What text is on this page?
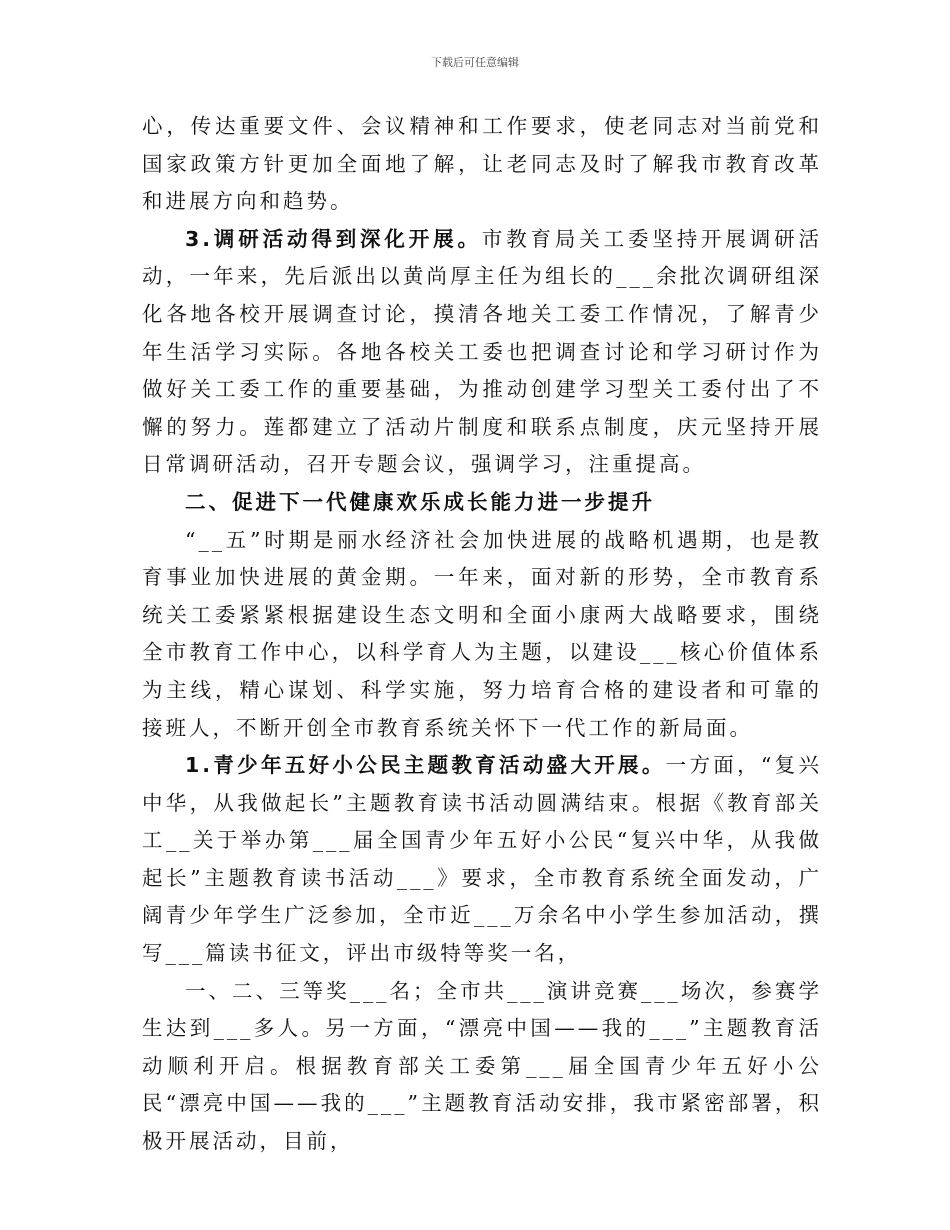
下载后可任意编辑

心，传达重要文件、会议精神和工作要求，使老同志对当前党和国家政策方针更加全面地了解，让老同志及时了解我市教育改革和进展方向和趋势。

3.调研活动得到深化开展。市教育局关工委坚持开展调研活动，一年来，先后派出以黄尚厚主任为组长的___余批次调研组深化各地各校开展调查讨论，摸清各地关工委工作情况，了解青少年生活学习实际。各地各校关工委也把调查讨论和学习研讨作为做好关工委工作的重要基础，为推动创建学习型关工委付出了不懈的努力。莲都建立了活动片制度和联系点制度，庆元坚持开展日常调研活动，召开专题会议，强调学习，注重提高。

二、促进下一代健康欢乐成长能力进一步提升

“__五”时期是丽水经济社会加快进展的战略机遇期，也是教育事业加快进展的黄金期。一年来，面对新的形势，全市教育系统关工委紧紧根据建设生态文明和全面小康两大战略要求，围绕全市教育工作中心，以科学育人为主题，以建设___核心价值体系为主线，精心谋划、科学实施，努力培育合格的建设者和可靠的接班人，不断开创全市教育系统关怀下一代工作的新局面。

1.青少年五好小公民主题教育活动盛大开展。一方面，“复兴中华，从我做起长”主题教育读书活动圆满结束。根据《教育部关工__关于举办第___届全国青少年五好小公民“复兴中华，从我做起长”主题教育读书活动___》要求，全市教育系统全面发动，广阔青少年学生广泛参加，全市近___万余名中小学生参加活动，撰写___篇读书征文，评出市级特等奖一名，

一、二、三等奖___名；全市共___演讲竞赛___场次，参赛学生达到___多人。另一方面，“漂亮中国——我的___”主题教育活动顺利开启。根据教育部关工委第___届全国青少年五好小公民“漂亮中国——我的___”主题教育活动安排，我市紧密部署，积极开展活动，目前，
